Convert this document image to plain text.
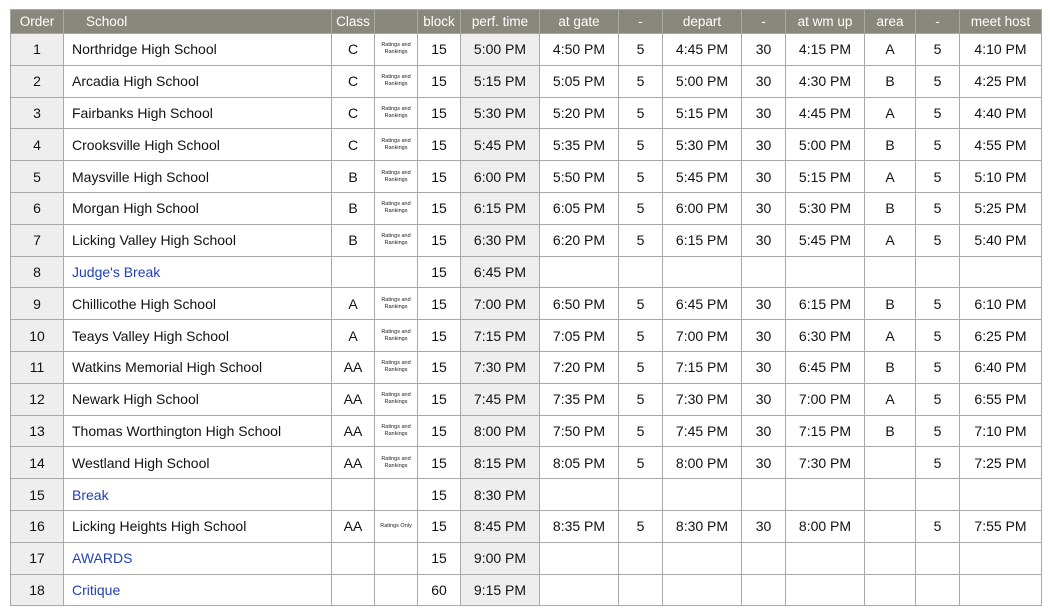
Order	School	Class		block	perf. time	at gate	-	depart	-	at wm up	area	-	meet host
1	Northridge High School	C	Ratings and Rankings	15	5:00 PM	4:50 PM	5	4:45 PM	30	4:15 PM	A	5	4:10 PM
2	Arcadia High School	C	Ratings and Rankings	15	5:15 PM	5:05 PM	5	5:00 PM	30	4:30 PM	B	5	4:25 PM
3	Fairbanks High School	C	Ratings and Rankings	15	5:30 PM	5:20 PM	5	5:15 PM	30	4:45 PM	A	5	4:40 PM
4	Crooksville High School	C	Ratings and Rankings	15	5:45 PM	5:35 PM	5	5:30 PM	30	5:00 PM	B	5	4:55 PM
5	Maysville High School	B	Ratings and Rankings	15	6:00 PM	5:50 PM	5	5:45 PM	30	5:15 PM	A	5	5:10 PM
6	Morgan High School	B	Ratings and Rankings	15	6:15 PM	6:05 PM	5	6:00 PM	30	5:30 PM	B	5	5:25 PM
7	Licking Valley High School	B	Ratings and Rankings	15	6:30 PM	6:20 PM	5	6:15 PM	30	5:45 PM	A	5	5:40 PM
8	Judge's Break			15	6:45 PM								
9	Chillicothe High School	A	Ratings and Rankings	15	7:00 PM	6:50 PM	5	6:45 PM	30	6:15 PM	B	5	6:10 PM
10	Teays Valley High School	A	Ratings and Rankings	15	7:15 PM	7:05 PM	5	7:00 PM	30	6:30 PM	A	5	6:25 PM
11	Watkins Memorial High School	AA	Ratings and Rankings	15	7:30 PM	7:20 PM	5	7:15 PM	30	6:45 PM	B	5	6:40 PM
12	Newark High School	AA	Ratings and Rankings	15	7:45 PM	7:35 PM	5	7:30 PM	30	7:00 PM	A	5	6:55 PM
13	Thomas Worthington High School	AA	Ratings and Rankings	15	8:00 PM	7:50 PM	5	7:45 PM	30	7:15 PM	B	5	7:10 PM
14	Westland High School	AA	Ratings and Rankings	15	8:15 PM	8:05 PM	5	8:00 PM	30	7:30 PM		5	7:25 PM
15	Break			15	8:30 PM								
16	Licking Heights High School	AA	Ratings Only	15	8:45 PM	8:35 PM	5	8:30 PM	30	8:00 PM		5	7:55 PM
17	AWARDS			15	9:00 PM								
18	Critique			60	9:15 PM								
